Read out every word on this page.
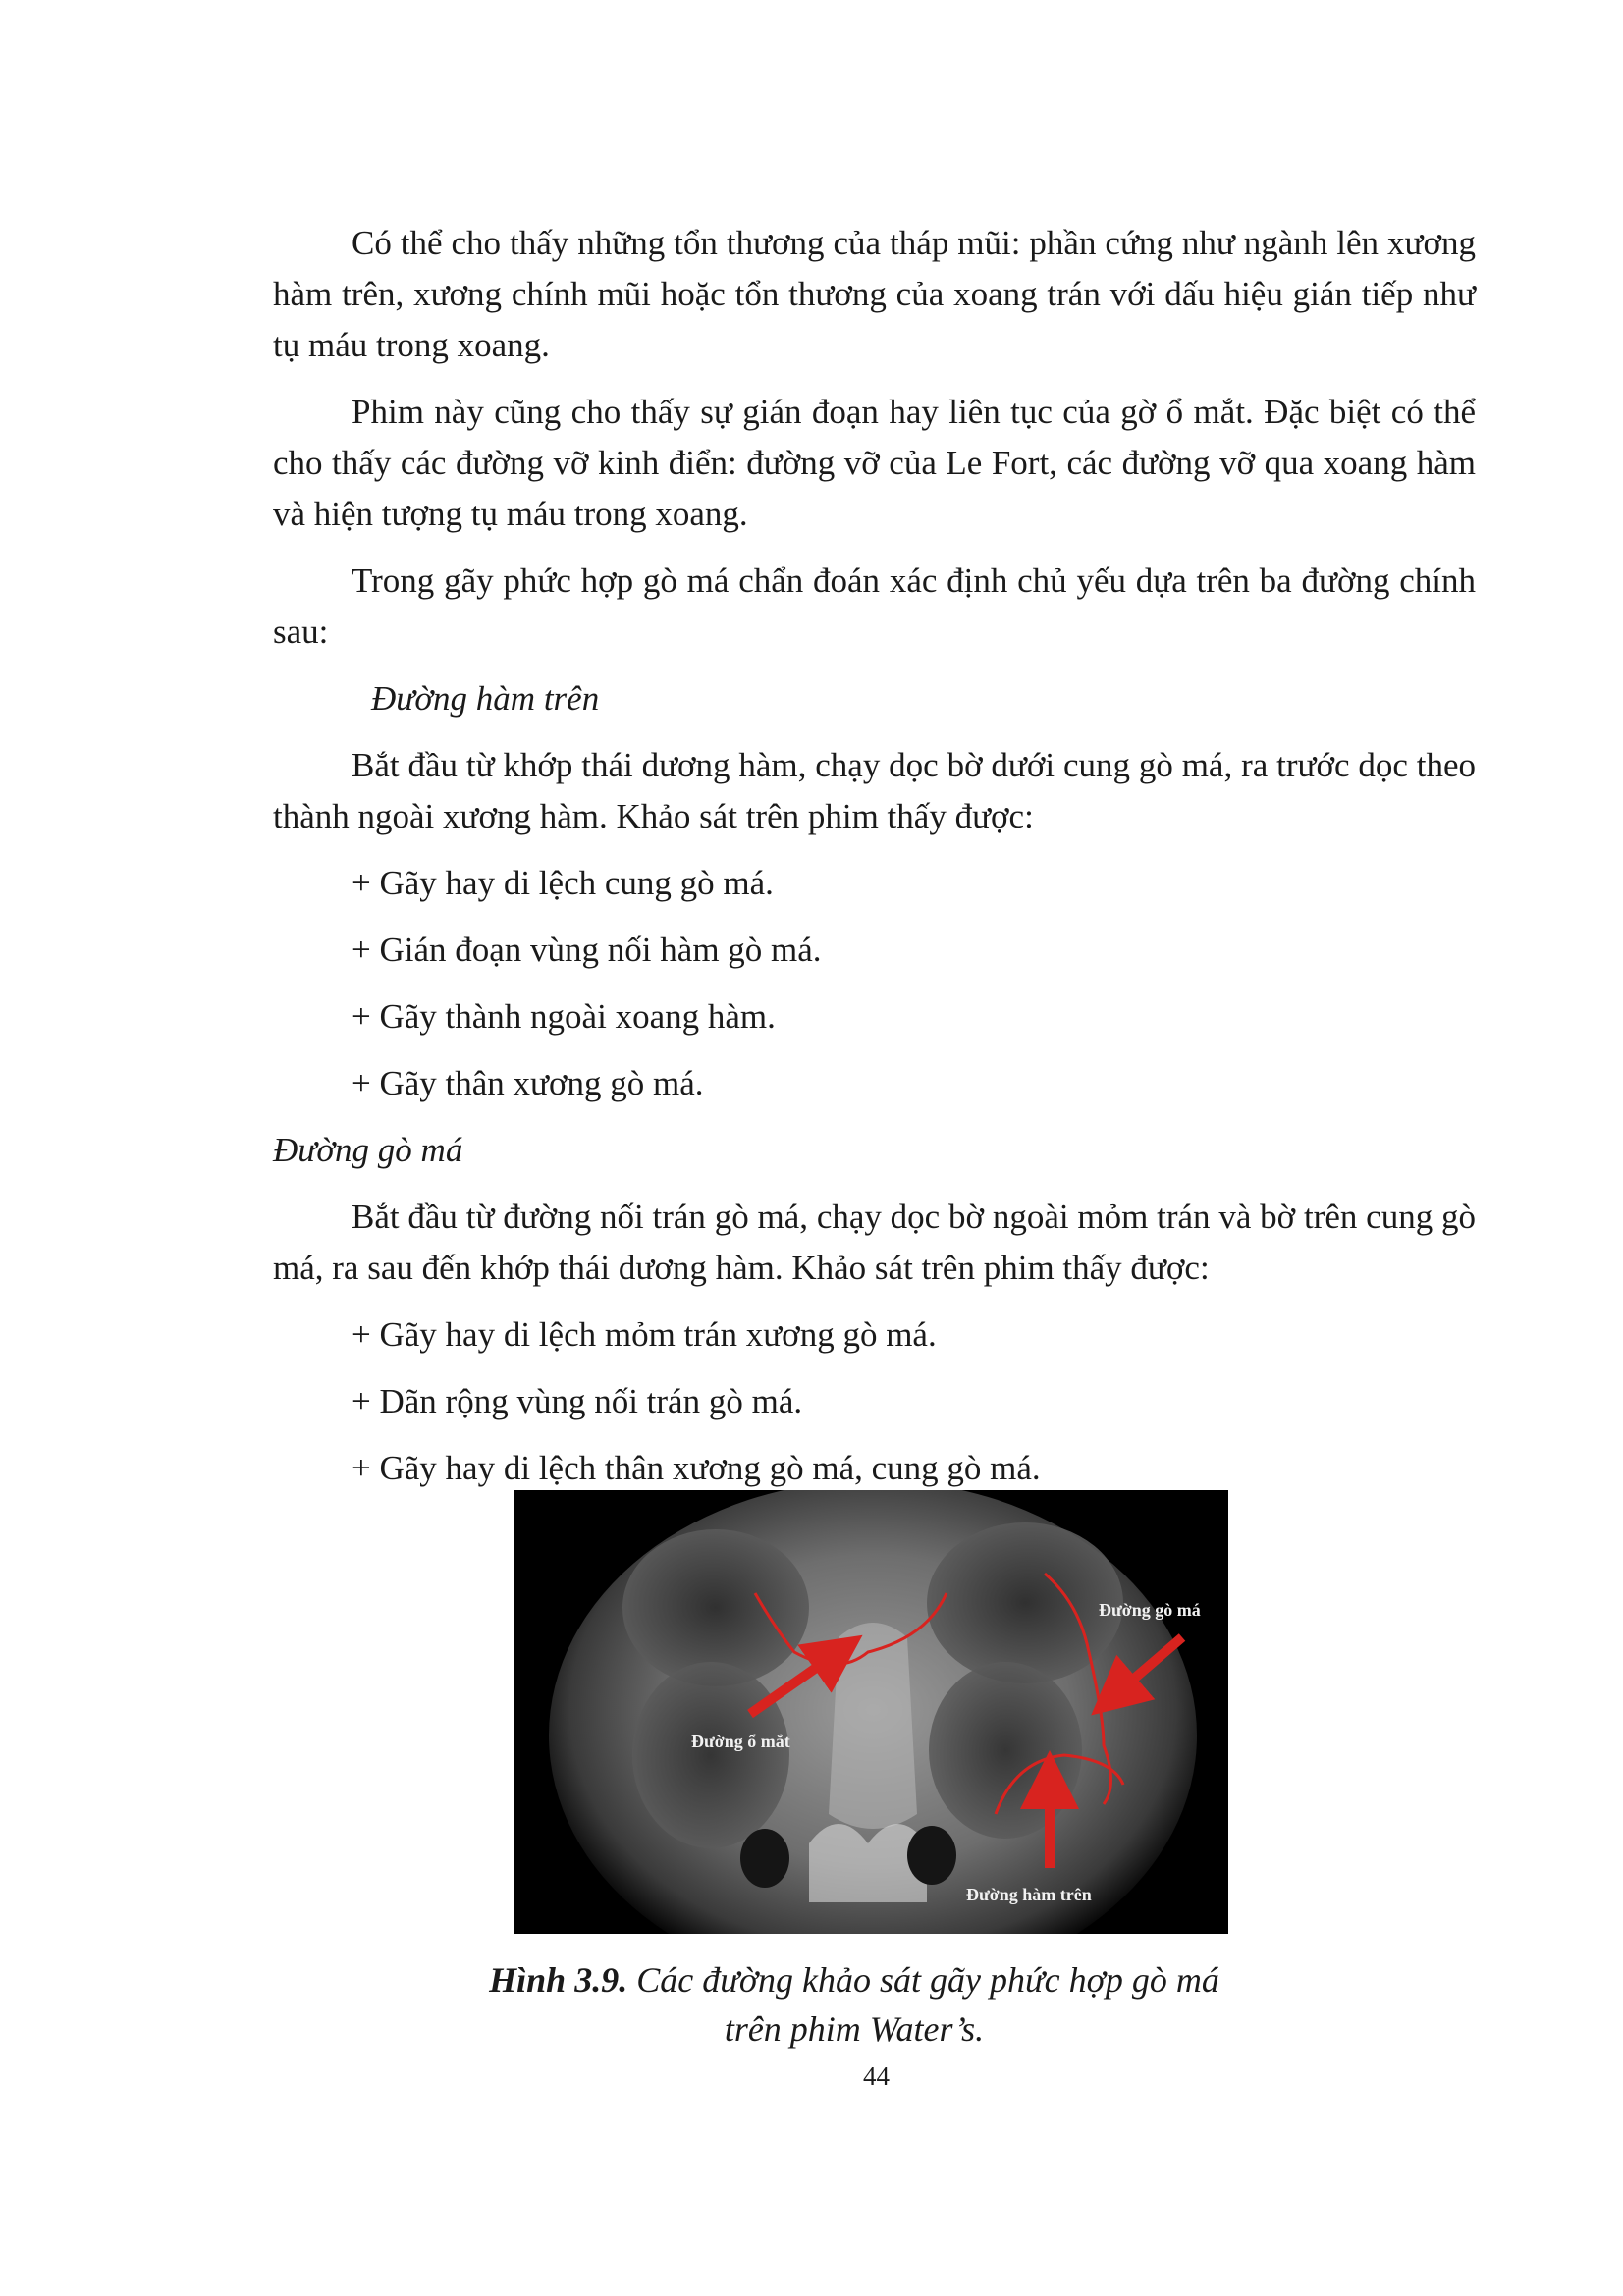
Có thể cho thấy những tổn thương của tháp mũi: phần cứng như ngành lên xương hàm trên, xương chính mũi hoặc tổn thương của xoang trán với dấu hiệu gián tiếp như tụ máu trong xoang.

Phim này cũng cho thấy sự gián đoạn hay liên tục của gờ ổ mắt. Đặc biệt có thể cho thấy các đường vỡ kinh điển: đường vỡ của Le Fort, các đường vỡ qua xoang hàm và hiện tượng tụ máu trong xoang.

Trong gãy phức hợp gò má chẩn đoán xác định chủ yếu dựa trên ba đường chính sau:

Đường hàm trên

Bắt đầu từ khớp thái dương hàm, chạy dọc bờ dưới cung gò má, ra trước dọc theo thành ngoài xương hàm. Khảo sát trên phim thấy được:

+ Gãy hay di lệch cung gò má.

+ Gián đoạn vùng nối hàm gò má.

+ Gãy thành ngoài xoang hàm.

+ Gãy thân xương gò má.

Đường gò má

Bắt đầu từ đường nối trán gò má, chạy dọc bờ ngoài mỏm trán và bờ trên cung gò má, ra sau đến khớp thái dương hàm. Khảo sát trên phim thấy được:

+ Gãy hay di lệch mỏm trán xương gò má.

+ Dãn rộng vùng nối trán gò má.

+ Gãy hay di lệch thân xương gò má, cung gò má.

Đường gò má
Đường ổ mắt
Đường hàm trên
Hình 3.9. Các đường khảo sát gãy phức hợp gò má
trên phim Water’s.
44
